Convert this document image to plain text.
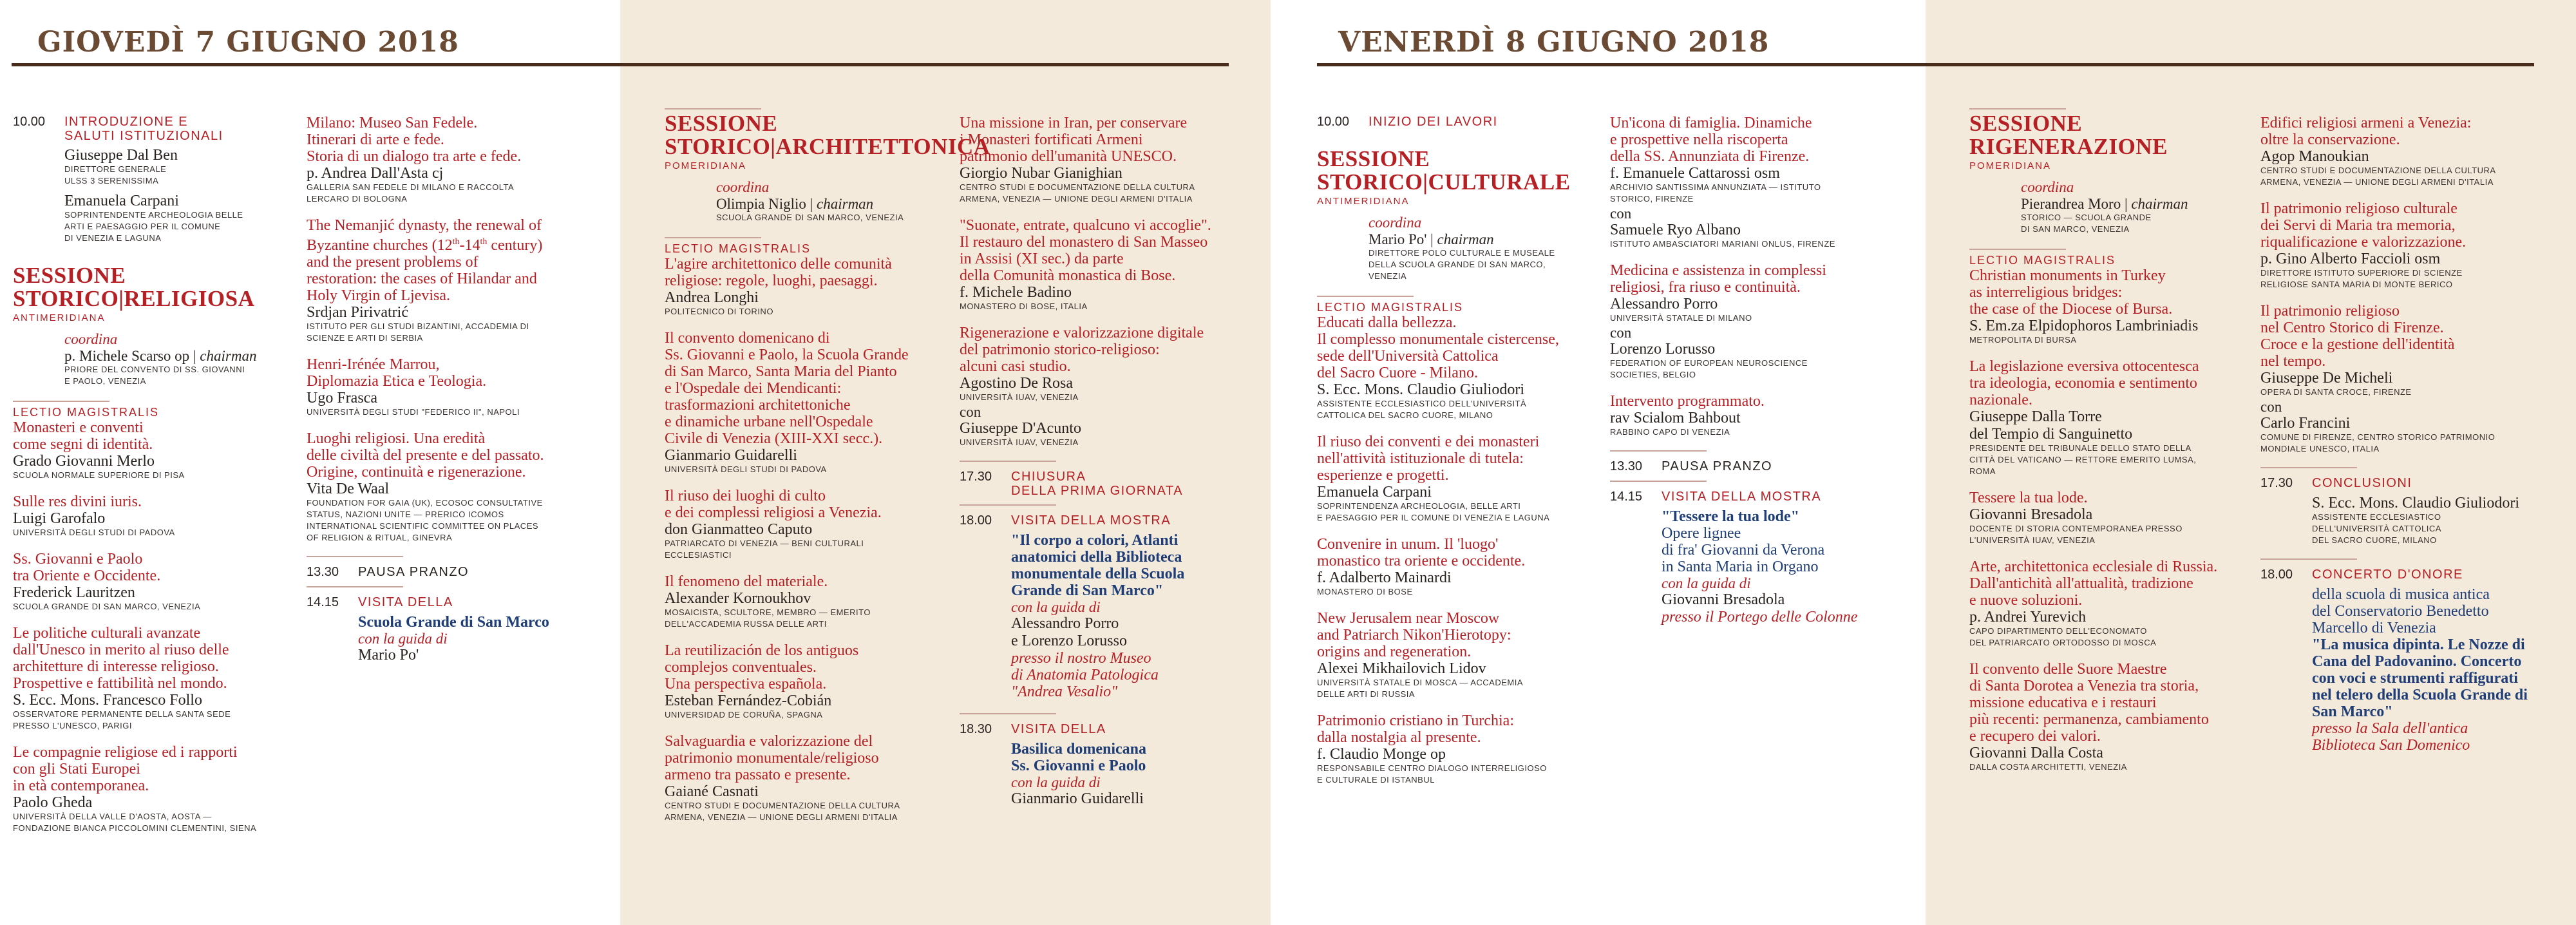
GIOVEDÌ 7 GIUGNO 2018	VENERDÌ 8 GIUGNO 2018
10.00	INTRODUZIONE E
SALUTI ISTITUZIONALI
Giuseppe Dal Ben
DIRETTORE GENERALE
ULSS 3 SERENISSIMA
Emanuela Carpani
SOPRINTENDENTE ARCHEOLOGIA BELLE
ARTI E PAESAGGIO PER IL COMUNE
DI VENEZIA E LAGUNA
SESSIONE
STORICO|RELIGIOSA
ANTIMERIDIANA
coordina
p. Michele Scarso op | chairman
PRIORE DEL CONVENTO DI SS. GIOVANNI
E PAOLO, VENEZIA
LECTIO MAGISTRALIS
Monasteri e conventi
come segni di identità.
Grado Giovanni Merlo
SCUOLA NORMALE SUPERIORE DI PISA
Sulle res divini iuris.
Luigi Garofalo
UNIVERSITÀ DEGLI STUDI DI PADOVA
Ss. Giovanni e Paolo
tra Oriente e Occidente.
Frederick Lauritzen
SCUOLA GRANDE DI SAN MARCO, VENEZIA
Le politiche culturali avanzate
dall'Unesco in merito al riuso delle
architetture di interesse religioso.
Prospettive e fattibilità nel mondo.
S. Ecc. Mons. Francesco Follo
OSSERVATORE PERMANENTE DELLA SANTA SEDE
PRESSO L'UNESCO, PARIGI
Le compagnie religiose ed i rapporti
con gli Stati Europei
in età contemporanea.
Paolo Gheda
UNIVERSITÀ DELLA VALLE D'AOSTA, AOSTA —
FONDAZIONE BIANCA PICCOLOMINI CLEMENTINI, SIENA
Milano: Museo San Fedele.
Itinerari di arte e fede.
Storia di un dialogo tra arte e fede.
p. Andrea Dall'Asta cj
GALLERIA SAN FEDELE DI MILANO E RACCOLTA
LERCARO DI BOLOGNA
The Nemanjić dynasty, the renewal of
Byzantine churches (12th-14th century)
and the present problems of
restoration: the cases of Hilandar and
Holy Virgin of Ljevisa.
Srdjan Pirivatrić
ISTITUTO PER GLI STUDI BIZANTINI, ACCADEMIA DI
SCIENZE E ARTI DI SERBIA
Henri-Irénée Marrou,
Diplomazia Etica e Teologia.
Ugo Frasca
UNIVERSITÀ DEGLI STUDI "FEDERICO II", NAPOLI
Luoghi religiosi. Una eredità
delle civiltà del presente e del passato.
Origine, continuità e rigenerazione.
Vita De Waal
FOUNDATION FOR GAIA (UK), ECOSOC CONSULTATIVE
STATUS, NAZIONI UNITE — PRERICO ICOMOS
INTERNATIONAL SCIENTIFIC COMMITTEE ON PLACES
OF RELIGION & RITUAL, GINEVRA
13.30	PAUSA PRANZO
14.15	VISITA DELLA
Scuola Grande di San Marco
con la guida di
Mario Po'
SESSIONE
STORICO|ARCHITETTONICA
POMERIDIANA
coordina
Olimpia Niglio | chairman
SCUOLA GRANDE DI SAN MARCO, VENEZIA
LECTIO MAGISTRALIS
L'agire architettonico delle comunità
religiose: regole, luoghi, paesaggi.
Andrea Longhi
POLITECNICO DI TORINO
Il convento domenicano di
Ss. Giovanni e Paolo, la Scuola Grande
di San Marco, Santa Maria del Pianto
e l'Ospedale dei Mendicanti:
trasformazioni architettoniche
e dinamiche urbane nell'Ospedale
Civile di Venezia (XIII-XXI secc.).
Gianmario Guidarelli
UNIVERSITÀ DEGLI STUDI DI PADOVA
Il riuso dei luoghi di culto
e dei complessi religiosi a Venezia.
don Gianmatteo Caputo
PATRIARCATO DI VENEZIA — BENI CULTURALI
ECCLESIASTICI
Il fenomeno del materiale.
Alexander Kornoukhov
MOSAICISTA, SCULTORE, MEMBRO — EMERITO
DELL'ACCADEMIA RUSSA DELLE ARTI
La reutilización de los antiguos
complejos conventuales.
Una perspectiva española.
Esteban Fernández-Cobián
UNIVERSIDAD DE CORUÑA, SPAGNA
Salvaguardia e valorizzazione del
patrimonio monumentale/religioso
armeno tra passato e presente.
Gaiané Casnati
CENTRO STUDI E DOCUMENTAZIONE DELLA CULTURA
ARMENA, VENEZIA — UNIONE DEGLI ARMENI D'ITALIA
Una missione in Iran, per conservare
i Monasteri fortificati Armeni
patrimonio dell'umanità UNESCO.
Giorgio Nubar Gianighian
CENTRO STUDI E DOCUMENTAZIONE DELLA CULTURA
ARMENA, VENEZIA — UNIONE DEGLI ARMENI D'ITALIA
"Suonate, entrate, qualcuno vi accoglie".
Il restauro del monastero di San Masseo
in Assisi (XI sec.) da parte
della Comunità monastica di Bose.
f. Michele Badino
MONASTERO DI BOSE, ITALIA
Rigenerazione e valorizzazione digitale
del patrimonio storico-religioso:
alcuni casi studio.
Agostino De Rosa
UNIVERSITÀ IUAV, VENEZIA
con
Giuseppe D'Acunto
UNIVERSITÀ IUAV, VENEZIA
17.30	CHIUSURA
DELLA PRIMA GIORNATA
18.00	VISITA DELLA MOSTRA
"Il corpo a colori, Atlanti
anatomici della Biblioteca
monumentale della Scuola
Grande di San Marco"
con la guida di
Alessandro Porro
e Lorenzo Lorusso
presso il nostro Museo
di Anatomia Patologica
"Andrea Vesalio"
18.30	VISITA DELLA
Basilica domenicana
Ss. Giovanni e Paolo
con la guida di
Gianmario Guidarelli
10.00	INIZIO DEI LAVORI
SESSIONE
STORICO|CULTURALE
ANTIMERIDIANA
coordina
Mario Po' | chairman
DIRETTORE POLO CULTURALE E MUSEALE
DELLA SCUOLA GRANDE DI SAN MARCO,
VENEZIA
LECTIO MAGISTRALIS
Educati dalla bellezza.
Il complesso monumentale cistercense,
sede dell'Università Cattolica
del Sacro Cuore - Milano.
S. Ecc. Mons. Claudio Giuliodori
ASSISTENTE ECCLESIASTICO DELL'UNIVERSITÀ
CATTOLICA DEL SACRO CUORE, MILANO
Il riuso dei conventi e dei monasteri
nell'attività istituzionale di tutela:
esperienze e progetti.
Emanuela Carpani
SOPRINTENDENZA ARCHEOLOGIA, BELLE ARTI
E PAESAGGIO PER IL COMUNE DI VENEZIA E LAGUNA
Convenire in unum. Il 'luogo'
monastico tra oriente e occidente.
f. Adalberto Mainardi
MONASTERO DI BOSE
New Jerusalem near Moscow
and Patriarch Nikon'Hierotopy:
origins and regeneration.
Alexei Mikhailovich Lidov
UNIVERSITÀ STATALE DI MOSCA — ACCADEMIA
DELLE ARTI DI RUSSIA
Patrimonio cristiano in Turchia:
dalla nostalgia al presente.
f. Claudio Monge op
RESPONSABILE CENTRO DIALOGO INTERRELIGIOSO
E CULTURALE DI ISTANBUL
Un'icona di famiglia. Dinamiche
e prospettive nella riscoperta
della SS. Annunziata di Firenze.
f. Emanuele Cattarossi osm
ARCHIVIO SANTISSIMA ANNUNZIATA — ISTITUTO
STORICO, FIRENZE
con
Samuele Ryo Albano
ISTITUTO AMBASCIATORI MARIANI ONLUS, FIRENZE
Medicina e assistenza in complessi
religiosi, fra riuso e continuità.
Alessandro Porro
UNIVERSITÀ STATALE DI MILANO
con
Lorenzo Lorusso
FEDERATION OF EUROPEAN NEUROSCIENCE
SOCIETIES, BELGIO
Intervento programmato.
rav Scialom Bahbout
RABBINO CAPO DI VENEZIA
13.30	PAUSA PRANZO
14.15	VISITA DELLA MOSTRA
"Tessere la tua lode"
Opere lignee
di fra' Giovanni da Verona
in Santa Maria in Organo
con la guida di
Giovanni Bresadola
presso il Portego delle Colonne
SESSIONE
RIGENERAZIONE
POMERIDIANA
coordina
Pierandrea Moro | chairman
STORICO — SCUOLA GRANDE
DI SAN MARCO, VENEZIA
LECTIO MAGISTRALIS
Christian monuments in Turkey
as interreligious bridges:
the case of the Diocese of Bursa.
S. Em.za Elpidophoros Lambriniadis
METROPOLITA DI BURSA
La legislazione eversiva ottocentesca
tra ideologia, economia e sentimento
nazionale.
Giuseppe Dalla Torre
del Tempio di Sanguinetto
PRESIDENTE DEL TRIBUNALE DELLO STATO DELLA
CITTÀ DEL VATICANO — RETTORE EMERITO LUMSA,
ROMA
Tessere la tua lode.
Giovanni Bresadola
DOCENTE DI STORIA CONTEMPORANEA PRESSO
L'UNIVERSITÀ IUAV, VENEZIA
Arte, architettonica ecclesiale di Russia.
Dall'antichità all'attualità, tradizione
e nuove soluzioni.
p. Andrei Yurevich
CAPO DIPARTIMENTO DELL'ECONOMATO
DEL PATRIARCATO ORTODOSSO DI MOSCA
Il convento delle Suore Maestre
di Santa Dorotea a Venezia tra storia,
missione educativa e i restauri
più recenti: permanenza, cambiamento
e recupero dei valori.
Giovanni Dalla Costa
DALLA COSTA ARCHITETTI, VENEZIA
Edifici religiosi armeni a Venezia:
oltre la conservazione.
Agop Manoukian
CENTRO STUDI E DOCUMENTAZIONE DELLA CULTURA
ARMENA, VENEZIA — UNIONE DEGLI ARMENI D'ITALIA
Il patrimonio religioso culturale
dei Servi di Maria tra memoria,
riqualificazione e valorizzazione.
p. Gino Alberto Faccioli osm
DIRETTORE ISTITUTO SUPERIORE DI SCIENZE
RELIGIOSE SANTA MARIA DI MONTE BERICO
Il patrimonio religioso
nel Centro Storico di Firenze.
Croce e la gestione dell'identità
nel tempo.
Giuseppe De Micheli
OPERA DI SANTA CROCE, FIRENZE
con
Carlo Francini
COMUNE DI FIRENZE, CENTRO STORICO PATRIMONIO
MONDIALE UNESCO, ITALIA
17.30	CONCLUSIONI
S. Ecc. Mons. Claudio Giuliodori
ASSISTENTE ECCLESIASTICO
DELL'UNIVERSITÀ CATTOLICA
DEL SACRO CUORE, MILANO
18.00	CONCERTO D'ONORE
della scuola di musica antica
del Conservatorio Benedetto
Marcello di Venezia
"La musica dipinta. Le Nozze di
Cana del Padovanino. Concerto
con voci e strumenti raffigurati
nel telero della Scuola Grande di
San Marco"
presso la Sala dell'antica
Biblioteca San Domenico
